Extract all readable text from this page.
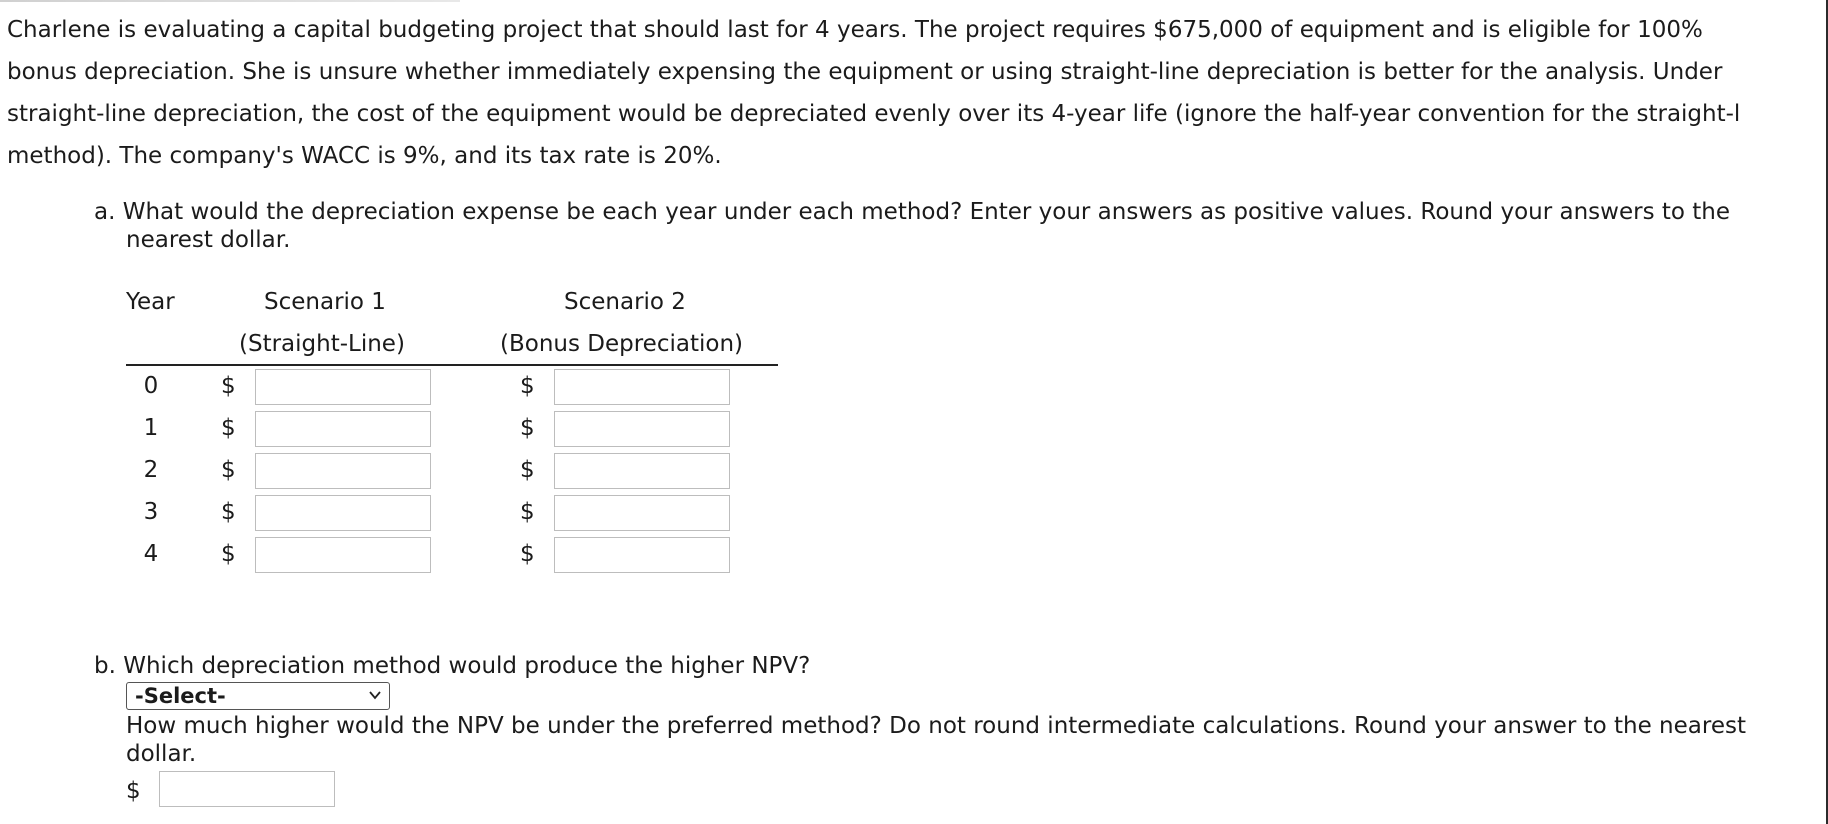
Charlene is evaluating a capital budgeting project that should last for 4 years. The project requires $675,000 of equipment and is eligible for 100%
bonus depreciation. She is unsure whether immediately expensing the equipment or using straight-line depreciation is better for the analysis. Under
straight-line depreciation, the cost of the equipment would be depreciated evenly over its 4-year life (ignore the half-year convention for the straight-l
method). The company's WACC is 9%, and its tax rate is 20%.
a. What would the depreciation expense be each year under each method? Enter your answers as positive values. Round your answers to the
nearest dollar.
Year	Scenario 1
(Straight-Line)
Scenario 2
(Bonus Depreciation)
0	$	$
1	$	$
2	$	$
3	$	$
4	$	$
b. Which depreciation method would produce the higher NPV?
-Select-
How much higher would the NPV be under the preferred method? Do not round intermediate calculations. Round your answer to the nearest
dollar.
$
